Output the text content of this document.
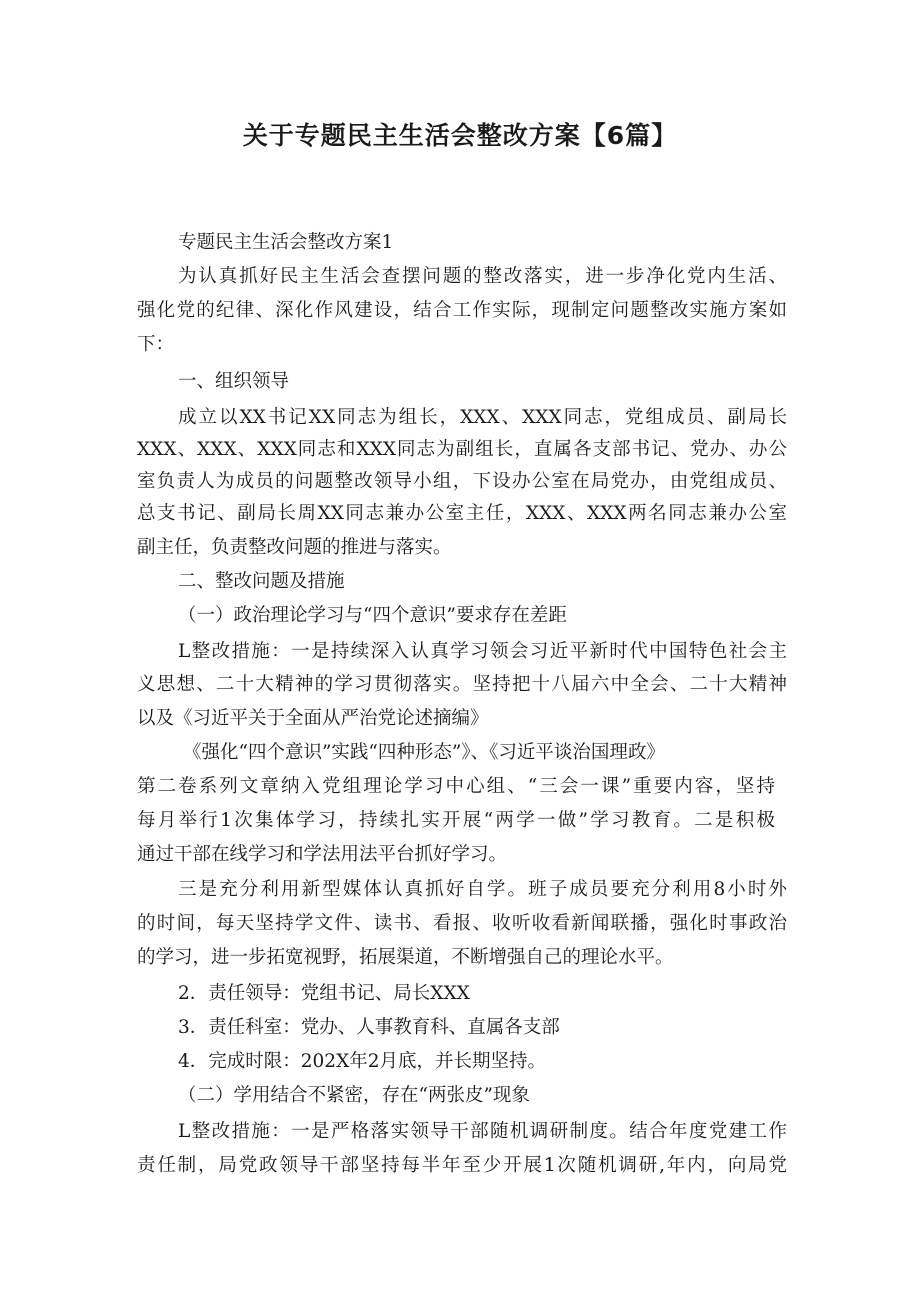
关于专题民主生活会整改方案【6篇】
专题民主生活会整改方案1
为认真抓好民主生活会查摆问题的整改落实，进一步净化党内生活、
强化党的纪律、深化作风建设，结合工作实际，现制定问题整改实施方案如
下：
一、组织领导
成立以XX书记XX同志为组长，XXX、XXX同志，党组成员、副局长
XXX、XXX、XXX同志和XXX同志为副组长，直属各支部书记、党办、办公
室负责人为成员的问题整改领导小组，下设办公室在局党办，由党组成员、
总支书记、副局长周XX同志兼办公室主任，XXX、XXX两名同志兼办公室
副主任，负责整改问题的推进与落实。
二、整改问题及措施
（一）政治理论学习与“四个意识”要求存在差距
L整改措施：一是持续深入认真学习领会习近平新时代中国特色社会主
义思想、二十大精神的学习贯彻落实。坚持把十八届六中全会、二十大精神
以及《习近平关于全面从严治党论述摘编》
《强化“四个意识”实践“四种形态”》、《习近平谈治国理政》
第二卷系列文章纳入党组理论学习中心组、“三会一课”重要内容，坚持
每月举行1次集体学习，持续扎实开展“两学一做”学习教育。二是积极
通过干部在线学习和学法用法平台抓好学习。
三是充分利用新型媒体认真抓好自学。班子成员要充分利用8小时外
的时间，每天坚持学文件、读书、看报、收听收看新闻联播，强化时事政治
的学习，进一步拓宽视野，拓展渠道，不断增强自己的理论水平。
2．责任领导：党组书记、局长XXX
3．责任科室：党办、人事教育科、直属各支部
4．完成时限：202X年2月底，并长期坚持。
（二）学用结合不紧密，存在“两张皮”现象
L整改措施：一是严格落实领导干部随机调研制度。结合年度党建工作
责任制，局党政领导干部坚持每半年至少开展1次随机调研,年内，向局党
